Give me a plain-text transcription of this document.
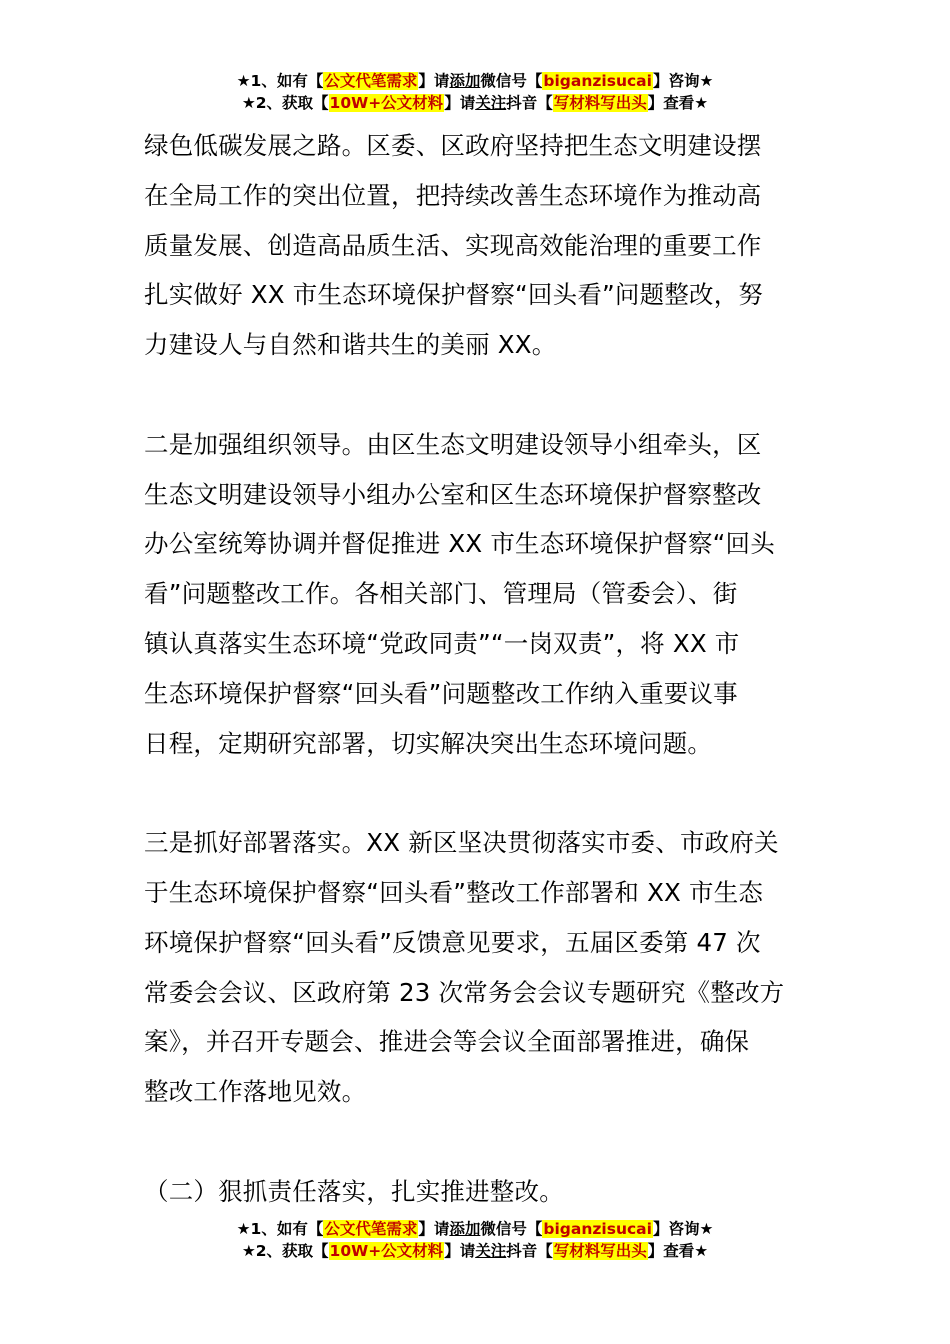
★1、如有【公文代笔需求】请添加微信号【biganzisucai】咨询★
★2、获取【10W+公文材料】请关注抖音【写材料写出头】查看★

绿色低碳发展之路。区委、区政府坚持把生态文明建设摆
在全局工作的突出位置，把持续改善生态环境作为推动高
质量发展、创造高品质生活、实现高效能治理的重要工作
扎实做好 XX 市生态环境保护督察“回头看”问题整改，努
力建设人与自然和谐共生的美丽 XX。

二是加强组织领导。由区生态文明建设领导小组牵头，区
生态文明建设领导小组办公室和区生态环境保护督察整改
办公室统筹协调并督促推进 XX 市生态环境保护督察“回头
看”问题整改工作。各相关部门、管理局（管委会）、街
镇认真落实生态环境“党政同责”“一岗双责”，将 XX 市
生态环境保护督察“回头看”问题整改工作纳入重要议事
日程，定期研究部署，切实解决突出生态环境问题。

三是抓好部署落实。XX 新区坚决贯彻落实市委、市政府关
于生态环境保护督察“回头看”整改工作部署和 XX 市生态
环境保护督察“回头看”反馈意见要求，五届区委第 47 次
常委会会议、区政府第 23 次常务会会议专题研究《整改方
案》，并召开专题会、推进会等会议全面部署推进，确保
整改工作落地见效。

（二）狠抓责任落实，扎实推进整改。

★1、如有【公文代笔需求】请添加微信号【biganzisucai】咨询★
★2、获取【10W+公文材料】请关注抖音【写材料写出头】查看★
